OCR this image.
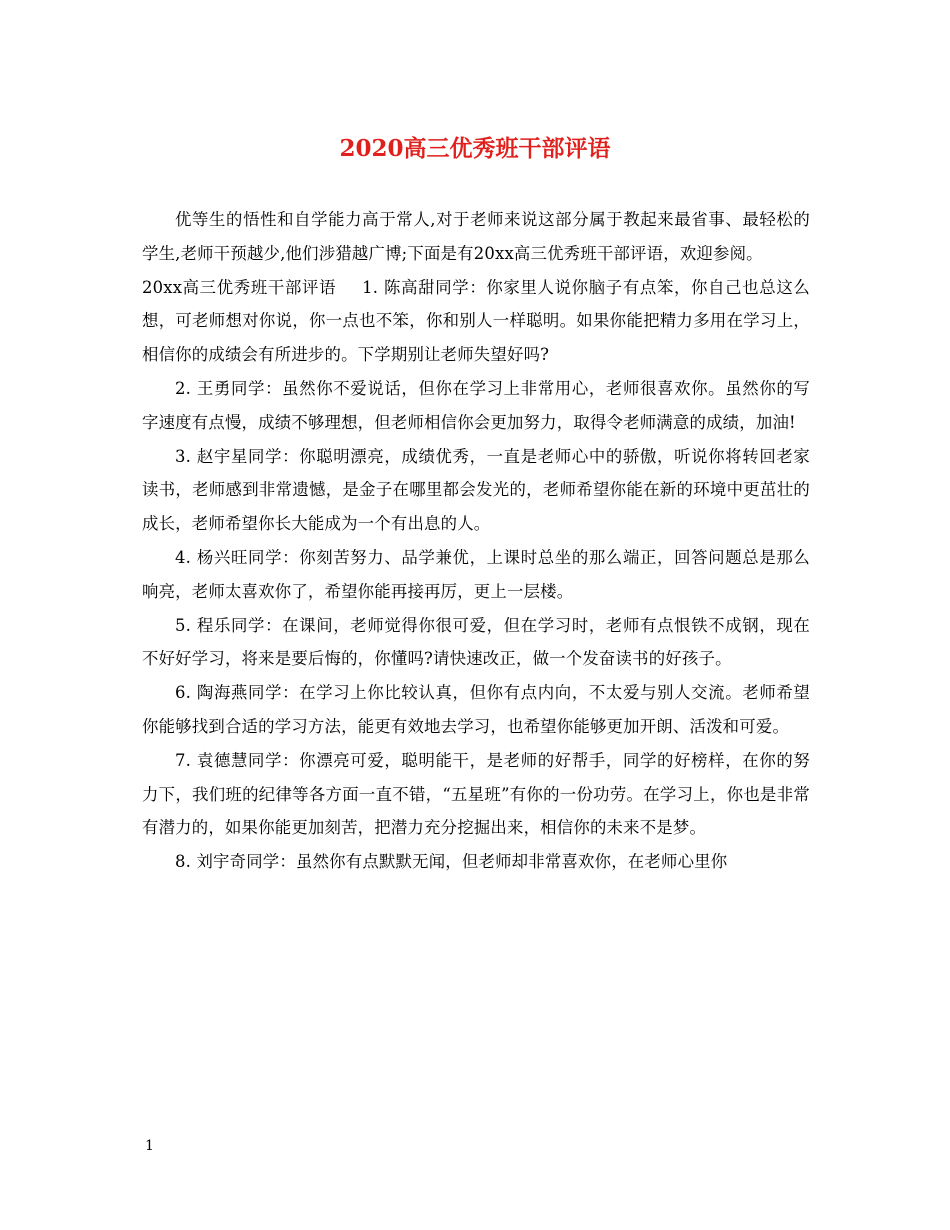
2020高三优秀班干部评语

优等生的悟性和自学能力高于常人,对于老师来说这部分属于教起来最省事、最轻松的学生,老师干预越少,他们涉猎越广博;下面是有20xx高三优秀班干部评语，欢迎参阅。

20xx高三优秀班干部评语 1. 陈高甜同学：你家里人说你脑子有点笨，你自己也总这么想，可老师想对你说，你一点也不笨，你和别人一样聪明。如果你能把精力多用在学习上，相信你的成绩会有所进步的。下学期别让老师失望好吗?

2. 王勇同学：虽然你不爱说话，但你在学习上非常用心，老师很喜欢你。虽然你的写字速度有点慢，成绩不够理想，但老师相信你会更加努力，取得令老师满意的成绩，加油!

3. 赵宇星同学：你聪明漂亮，成绩优秀，一直是老师心中的骄傲，听说你将转回老家读书，老师感到非常遗憾，是金子在哪里都会发光的，老师希望你能在新的环境中更茁壮的成长，老师希望你长大能成为一个有出息的人。

4. 杨兴旺同学：你刻苦努力、品学兼优，上课时总坐的那么端正，回答问题总是那么响亮，老师太喜欢你了，希望你能再接再厉，更上一层楼。

5. 程乐同学：在课间，老师觉得你很可爱，但在学习时，老师有点恨铁不成钢，现在不好好学习，将来是要后悔的，你懂吗?请快速改正，做一个发奋读书的好孩子。

6. 陶海燕同学：在学习上你比较认真，但你有点内向，不太爱与别人交流。老师希望你能够找到合适的学习方法，能更有效地去学习，也希望你能够更加开朗、活泼和可爱。

7. 袁德慧同学：你漂亮可爱，聪明能干，是老师的好帮手，同学的好榜样，在你的努力下，我们班的纪律等各方面一直不错，“五星班”有你的一份功劳。在学习上，你也是非常有潜力的，如果你能更加刻苦，把潜力充分挖掘出来，相信你的未来不是梦。

8. 刘宇奇同学：虽然你有点默默无闻，但老师却非常喜欢你，在老师心里你

1
